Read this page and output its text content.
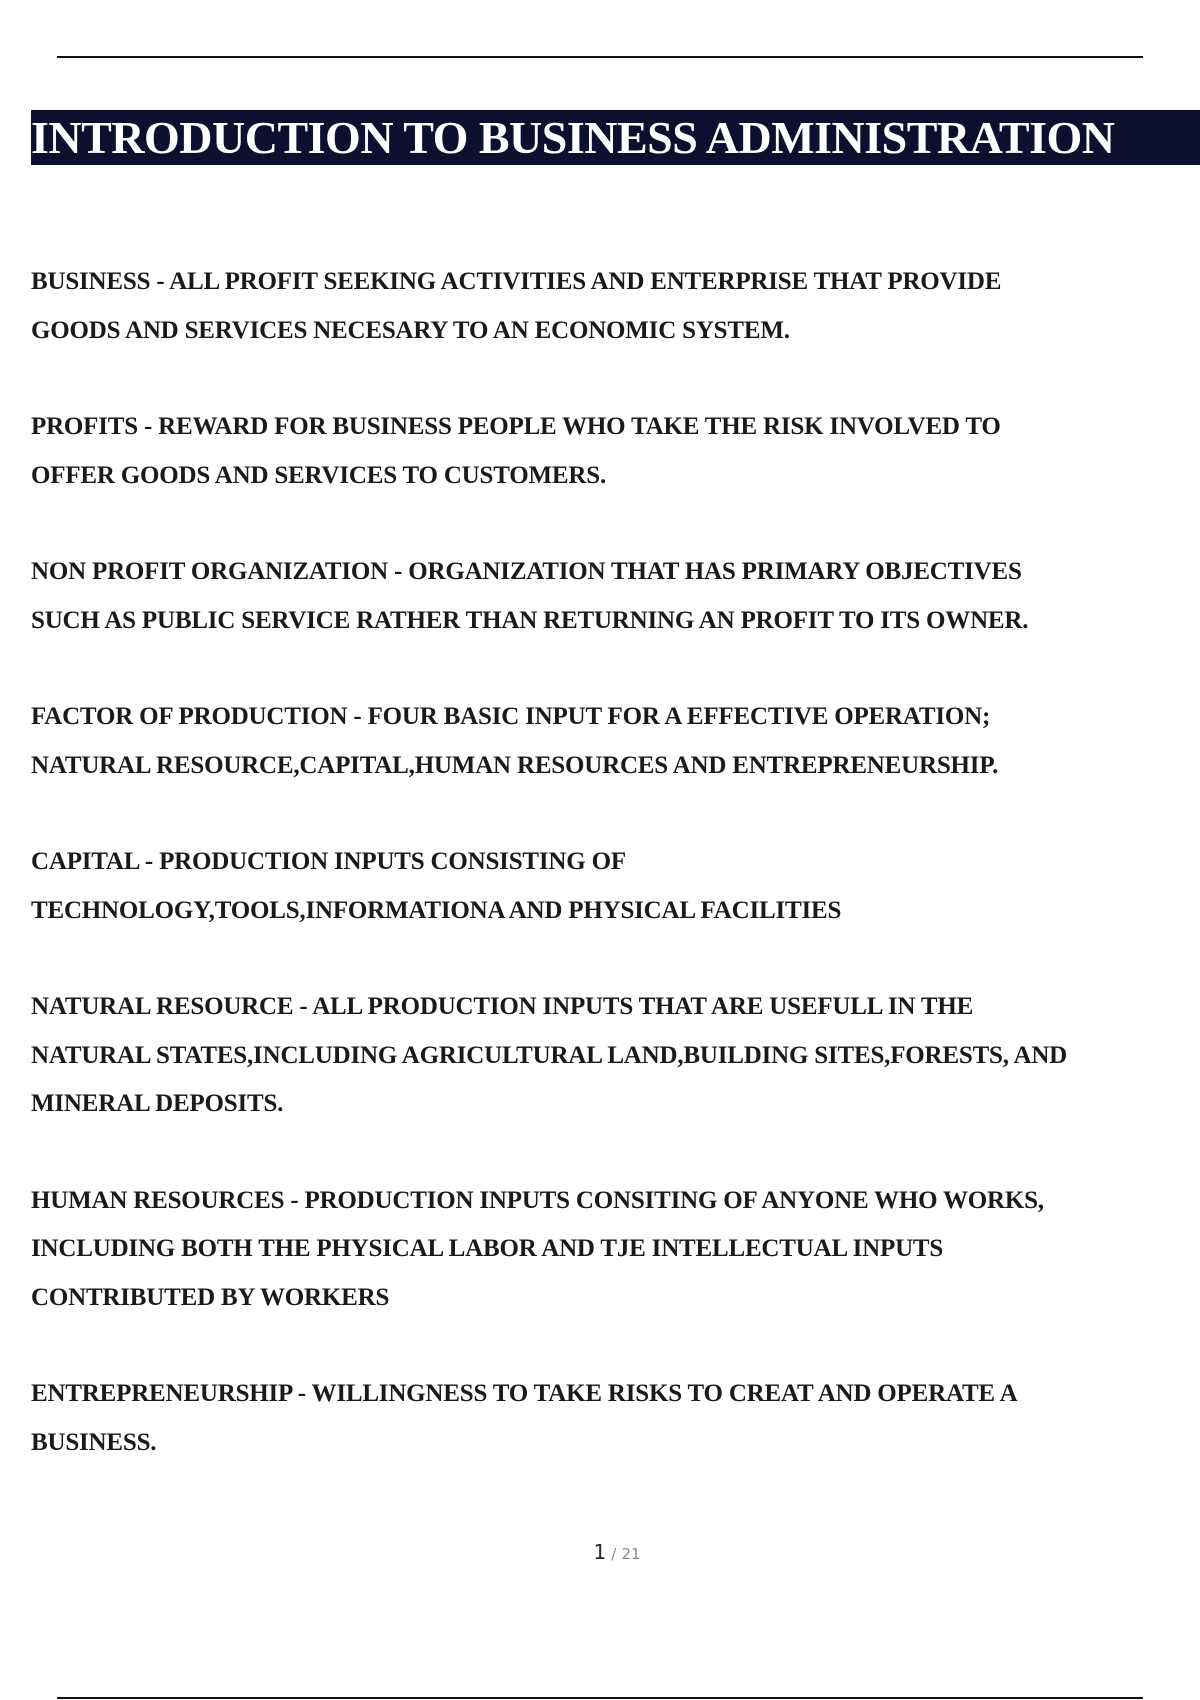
INTRODUCTION TO BUSINESS ADMINISTRATION

BUSINESS - ALL PROFIT SEEKING ACTIVITIES AND ENTERPRISE THAT PROVIDE
GOODS AND SERVICES NECESARY TO AN ECONOMIC SYSTEM.

PROFITS - REWARD FOR BUSINESS PEOPLE WHO TAKE THE RISK INVOLVED TO
OFFER GOODS AND SERVICES TO CUSTOMERS.

NON PROFIT ORGANIZATION - ORGANIZATION THAT HAS PRIMARY OBJECTIVES
SUCH AS PUBLIC SERVICE RATHER THAN RETURNING AN PROFIT TO ITS OWNER.

FACTOR OF PRODUCTION - FOUR BASIC INPUT FOR A EFFECTIVE OPERATION;
NATURAL RESOURCE,CAPITAL,HUMAN RESOURCES AND ENTREPRENEURSHIP.

CAPITAL - PRODUCTION INPUTS CONSISTING OF
TECHNOLOGY,TOOLS,INFORMATIONA AND PHYSICAL FACILITIES

NATURAL RESOURCE - ALL PRODUCTION INPUTS THAT ARE USEFULL IN THE
NATURAL STATES,INCLUDING AGRICULTURAL LAND,BUILDING SITES,FORESTS, AND
MINERAL DEPOSITS.

HUMAN RESOURCES - PRODUCTION INPUTS CONSITING OF ANYONE WHO WORKS,
INCLUDING BOTH THE PHYSICAL LABOR AND TJE INTELLECTUAL INPUTS
CONTRIBUTED BY WORKERS

ENTREPRENEURSHIP - WILLINGNESS TO TAKE RISKS TO CREAT AND OPERATE A
BUSINESS.

1 / 21
